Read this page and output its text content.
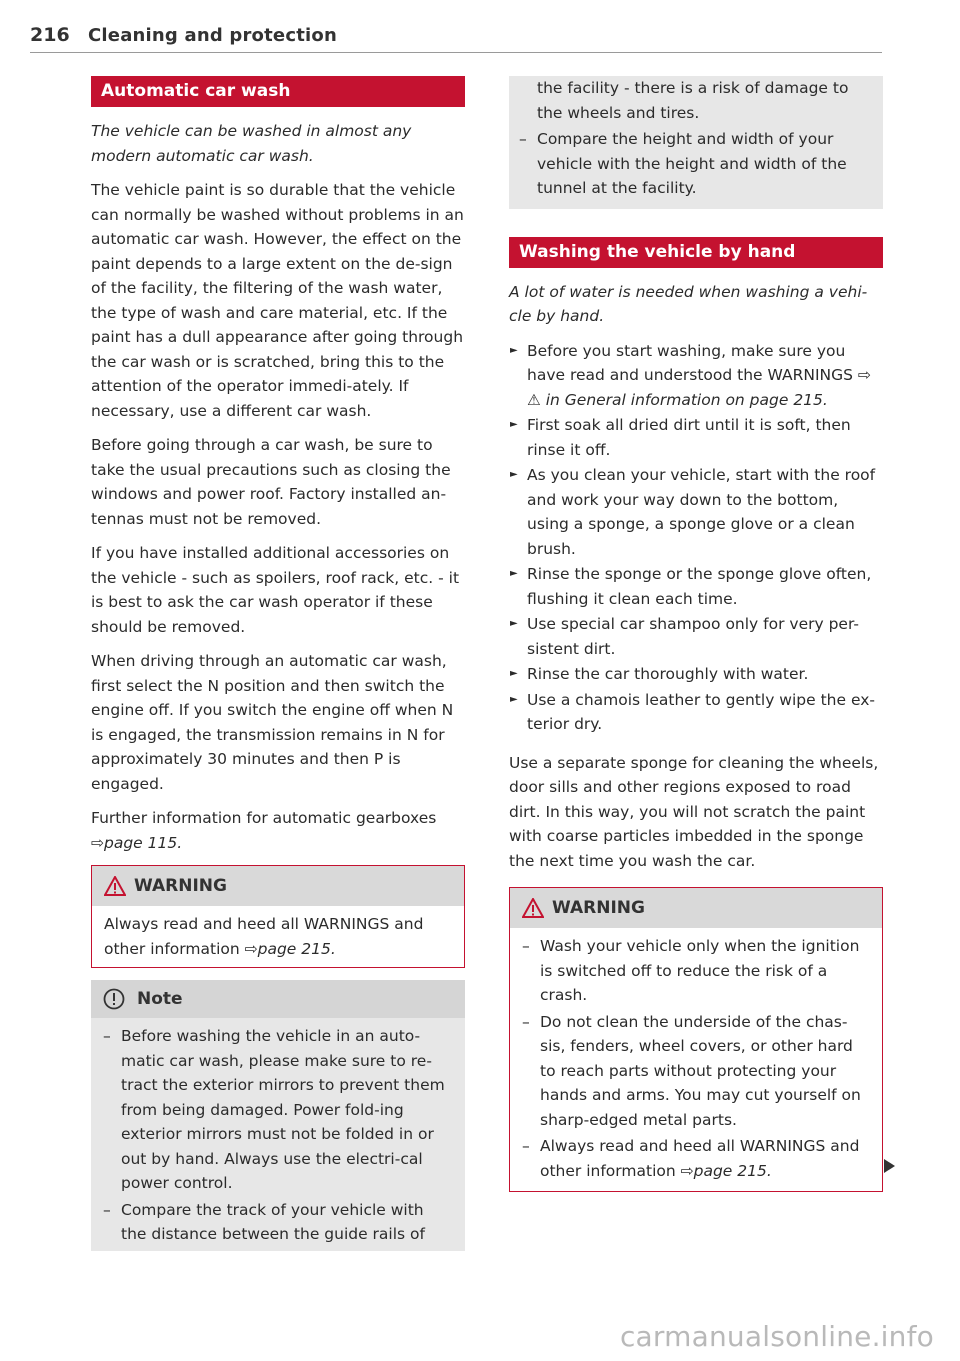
216 Cleaning and protection
Automatic car wash

The vehicle can be washed in almost any modern automatic car wash.

The vehicle paint is so durable that the vehicle can normally be washed without problems in an automatic car wash. However, the effect on the paint depends to a large extent on the de-sign of the facility, the filtering of the wash water, the type of wash and care material, etc. If the paint has a dull appearance after going through the car wash or is scratched, bring this to the attention of the operator immedi-ately. If necessary, use a different car wash.

Before going through a car wash, be sure to take the usual precautions such as closing the windows and power roof. Factory installed an-tennas must not be removed.

If you have installed additional accessories on the vehicle - such as spoilers, roof rack, etc. - it is best to ask the car wash operator if these should be removed.

When driving through an automatic car wash, first select the N position and then switch the engine off. If you switch the engine off when N is engaged, the transmission remains in N for approximately 30 minutes and then P is engaged.

Further information for automatic gearboxes ⇨page 115.

WARNING
Always read and heed all WARNINGS and other information ⇨page 215.
Note
– Before washing the vehicle in an auto-matic car wash, please make sure to re-tract the exterior mirrors to prevent them from being damaged. Power fold-ing exterior mirrors must not be folded in or out by hand. Always use the electri-cal power control.
– Compare the track of your vehicle with the distance between the guide rails of
the facility - there is a risk of damage to the wheels and tires.
– Compare the height and width of your vehicle with the height and width of the tunnel at the facility.
Washing the vehicle by hand

A lot of water is needed when washing a vehi-cle by hand.

► Before you start washing, make sure you have read and understood the WARNINGS ⇨ ⚠ in General information on page 215.
► First soak all dried dirt until it is soft, then rinse it off.
► As you clean your vehicle, start with the roof and work your way down to the bottom, using a sponge, a sponge glove or a clean brush.
► Rinse the sponge or the sponge glove often, flushing it clean each time.
► Use special car shampoo only for very per-sistent dirt.
► Rinse the car thoroughly with water.
► Use a chamois leather to gently wipe the ex-terior dry.

Use a separate sponge for cleaning the wheels, door sills and other regions exposed to road dirt. In this way, you will not scratch the paint with coarse particles imbedded in the sponge the next time you wash the car.

WARNING
– Wash your vehicle only when the ignition is switched off to reduce the risk of a crash.
– Do not clean the underside of the chas-sis, fenders, wheel covers, or other hard to reach parts without protecting your hands and arms. You may cut yourself on sharp-edged metal parts.
– Always read and heed all WARNINGS and other information ⇨page 215.
carmanualsonline.info
